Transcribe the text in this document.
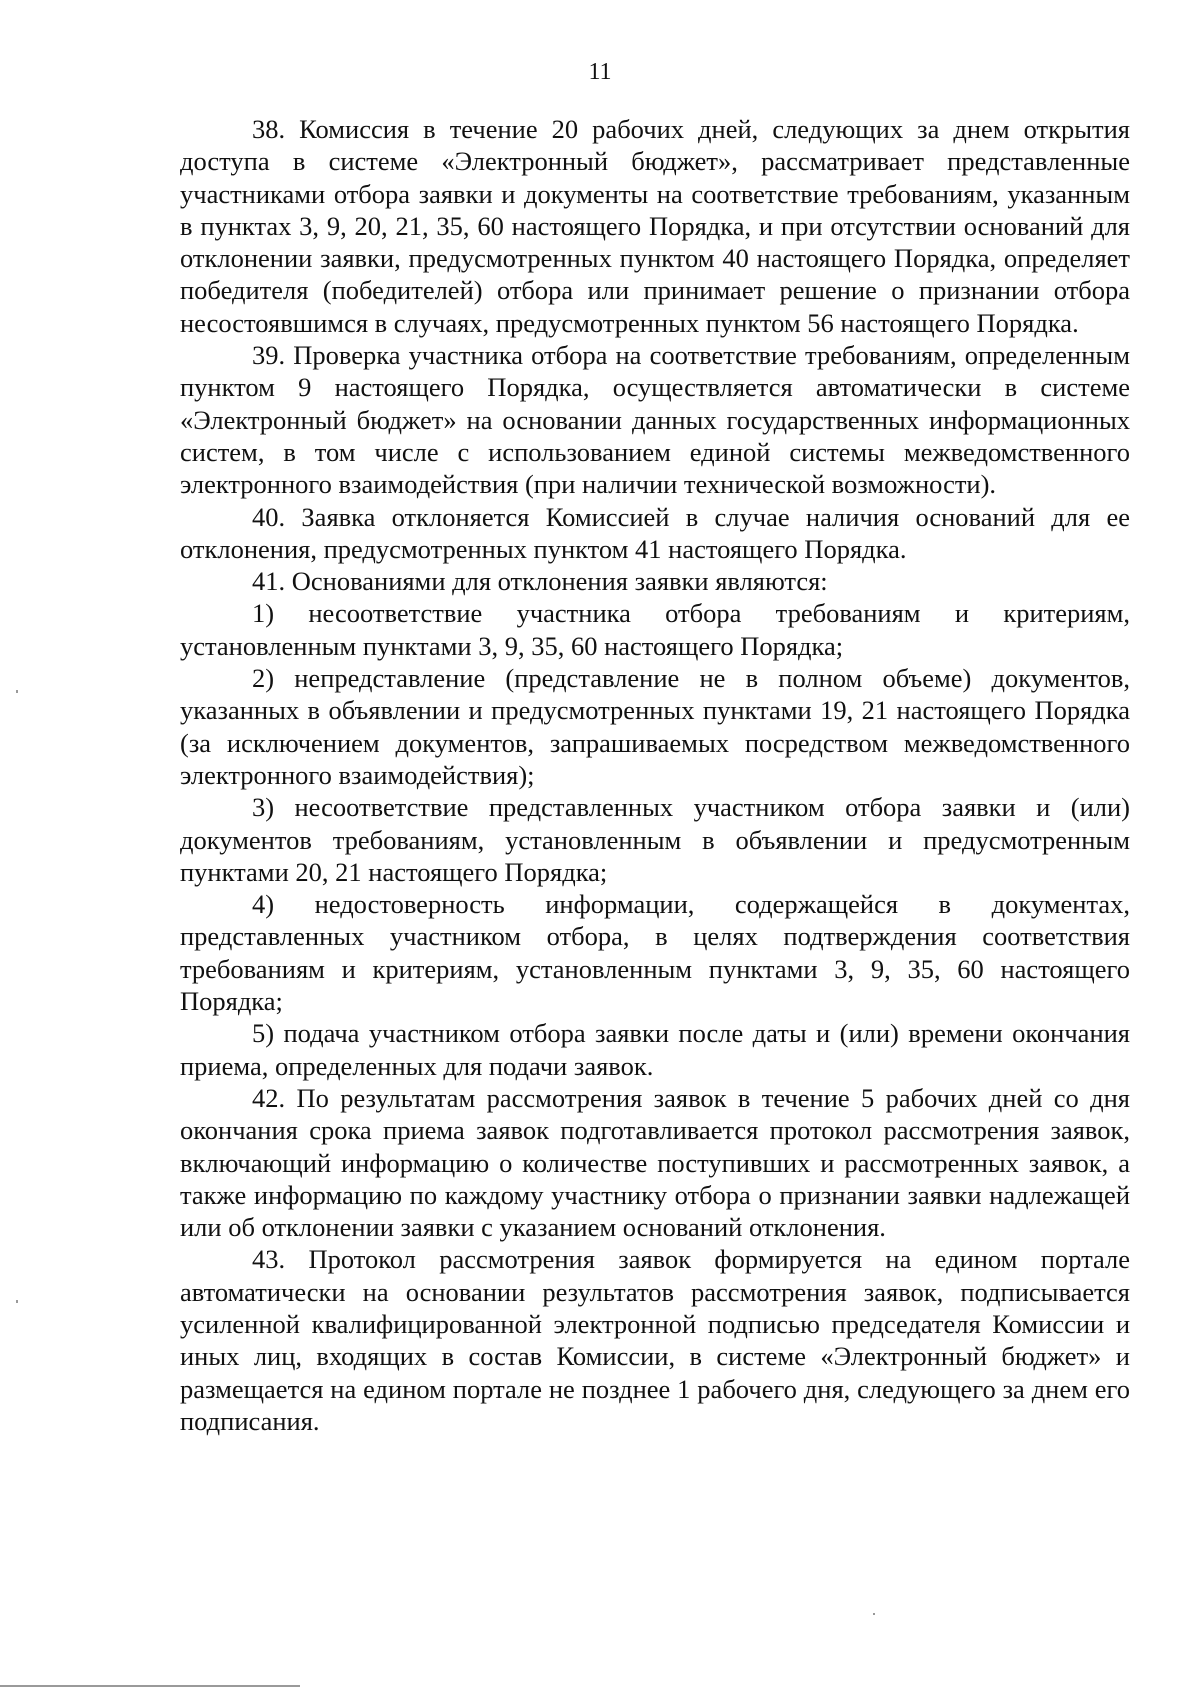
11

38. Комиссия в течение 20 рабочих дней, следующих за днем открытия доступа в системе «Электронный бюджет», рассматривает представленные участниками отбора заявки и документы на соответствие требованиям, указанным в пунктах 3, 9, 20, 21, 35, 60 настоящего Порядка, и при отсутствии оснований для отклонении заявки, предусмотренных пунктом 40 настоящего Порядка, определяет победителя (победителей) отбора или принимает решение о признании отбора несостоявшимся в случаях, предусмотренных пунктом 56 настоящего Порядка.

39. Проверка участника отбора на соответствие требованиям, определенным пунктом 9 настоящего Порядка, осуществляется автоматически в системе «Электронный бюджет» на основании данных государственных информационных систем, в том числе с использованием единой системы межведомственного электронного взаимодействия (при наличии технической возможности).

40. Заявка отклоняется Комиссией в случае наличия оснований для ее отклонения, предусмотренных пунктом 41 настоящего Порядка.

41. Основаниями для отклонения заявки являются:

1) несоответствие участника отбора требованиям и критериям, установленным пунктами 3, 9, 35, 60 настоящего Порядка;

2) непредставление (представление не в полном объеме) документов, указанных в объявлении и предусмотренных пунктами 19, 21 настоящего Порядка (за исключением документов, запрашиваемых посредством межведомственного электронного взаимодействия);

3) несоответствие представленных участником отбора заявки и (или) документов требованиям, установленным в объявлении и предусмотренным пунктами 20, 21 настоящего Порядка;

4) недостоверность информации, содержащейся в документах, представленных участником отбора, в целях подтверждения соответствия требованиям и критериям, установленным пунктами 3, 9, 35, 60 настоящего Порядка;

5) подача участником отбора заявки после даты и (или) времени окончания приема, определенных для подачи заявок.

42. По результатам рассмотрения заявок в течение 5 рабочих дней со дня окончания срока приема заявок подготавливается протокол рассмотрения заявок, включающий информацию о количестве поступивших и рассмотренных заявок, а также информацию по каждому участнику отбора о признании заявки надлежащей или об отклонении заявки с указанием оснований отклонения.

43. Протокол рассмотрения заявок формируется на едином портале автоматически на основании результатов рассмотрения заявок, подписывается усиленной квалифицированной электронной подписью председателя Комиссии и иных лиц, входящих в состав Комиссии, в системе «Электронный бюджет» и размещается на едином портале не позднее 1 рабочего дня, следующего за днем его подписания.
